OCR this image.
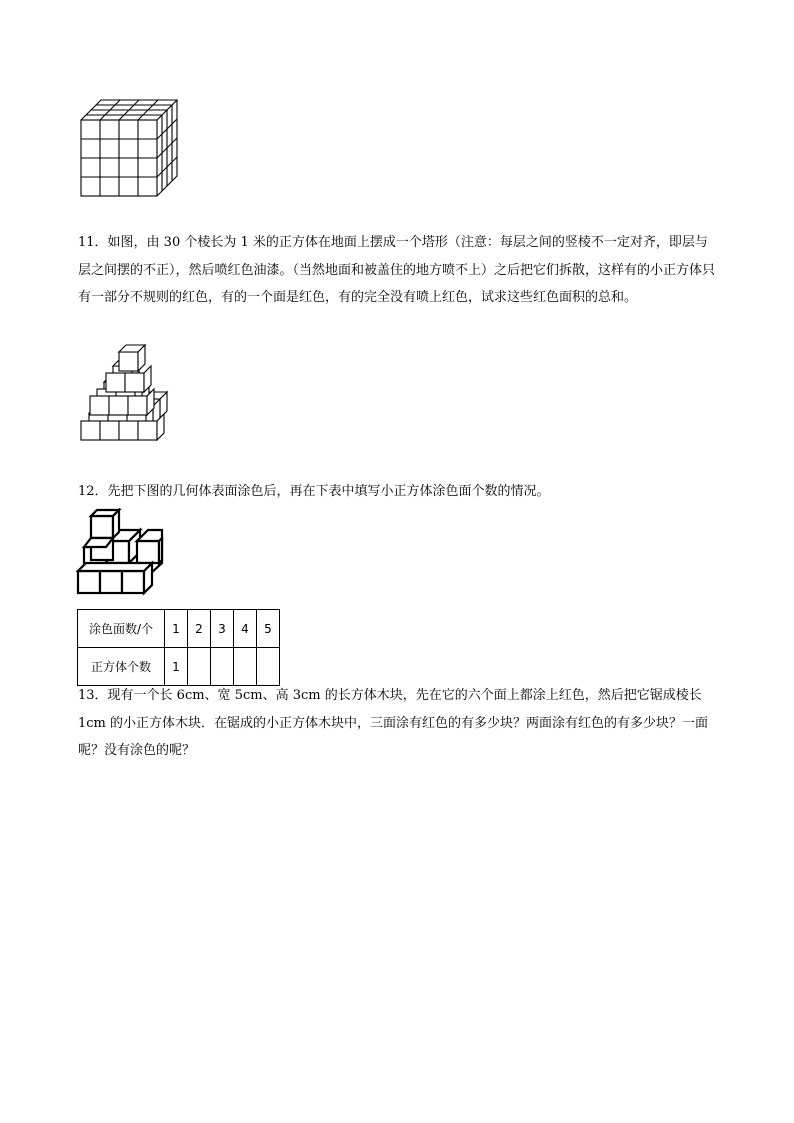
11．如图，由 30 个棱长为 1 米的正方体在地面上摆成一个塔形（注意：每层之间的竖棱不一定对齐，即层与层之间摆的不正），然后喷红色油漆。（当然地面和被盖住的地方喷不上）之后把它们拆散，这样有的小正方体只有一部分不规则的红色，有的一个面是红色，有的完全没有喷上红色，试求这些红色面积的总和。

12．先把下图的几何体表面涂色后，再在下表中填写小正方体涂色面个数的情况。

涂色面数/个	1	2	3	4	5
正方体个数	1				

13．现有一个长 6cm、宽 5cm、高 3cm 的长方体木块，先在它的六个面上都涂上红色，然后把它锯成棱长 1cm 的小正方体木块．在锯成的小正方体木块中，三面涂有红色的有多少块？两面涂有红色的有多少块？一面呢？没有涂色的呢？
